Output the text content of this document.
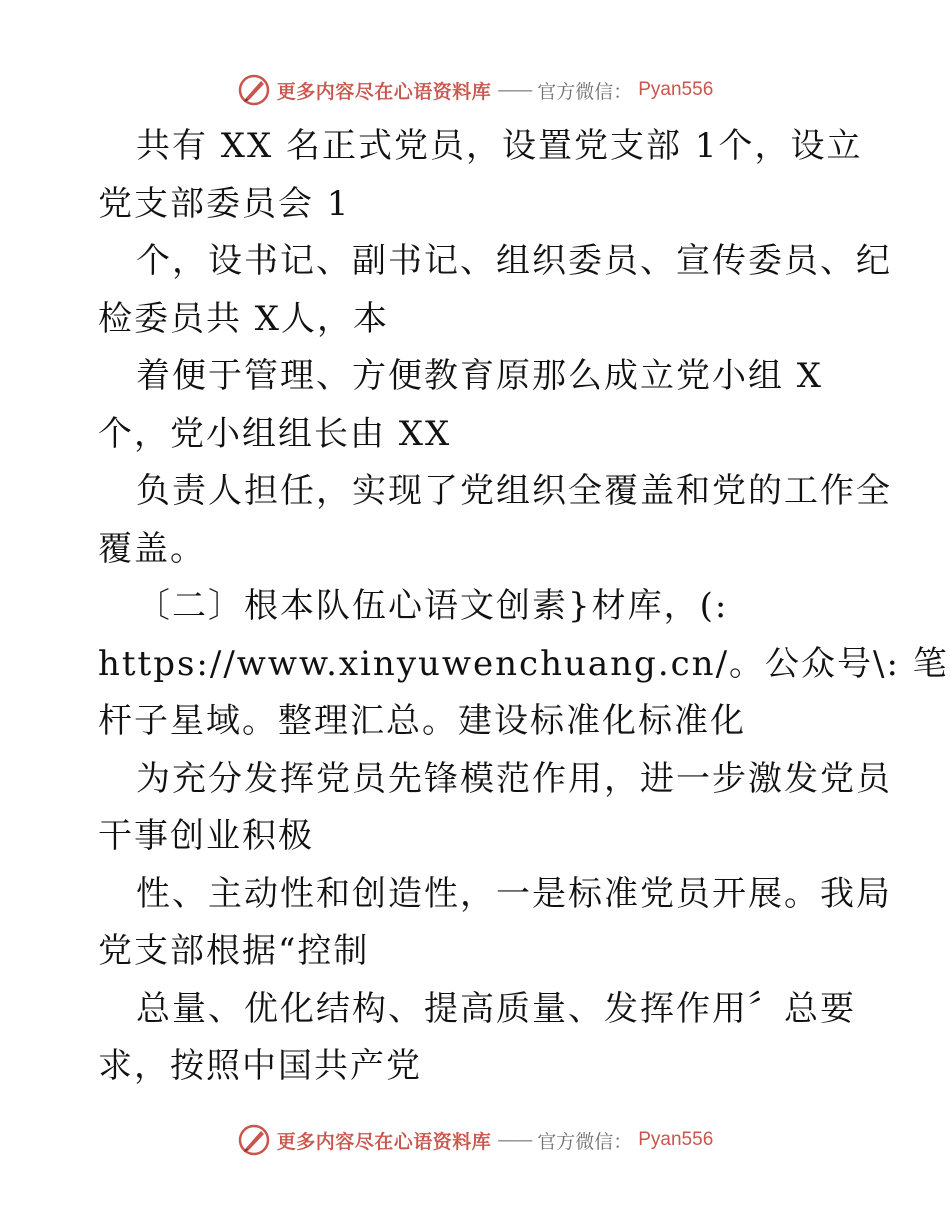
更多内容尽在心语资料库 —— 官方微信： Pyan556
共有 XX 名正式党员，设置党支部 1个，设立
党支部委员会 1
个，设书记、副书记、组织委员、宣传委员、纪
检委员共 X人，本
着便于管理、方便教育原那么成立党小组 X
个，党小组组长由 XX
负责人担任，实现了党组织全覆盖和党的工作全
覆盖。
〔二〕根本队伍心语文创素}材库，(:
https://www.xinyuwenchuang.cn/。公众号\: 笔
杆子星域。整理汇总。建设标准化标准化
为充分发挥党员先锋模范作用，进一步激发党员
干事创业积极
性、主动性和创造性，一是标准党员开展。我局
党支部根据“控制
总量、优化结构、提高质量、发挥作用〞总要
求，按照中国共产党
更多内容尽在心语资料库 —— 官方微信： Pyan556
